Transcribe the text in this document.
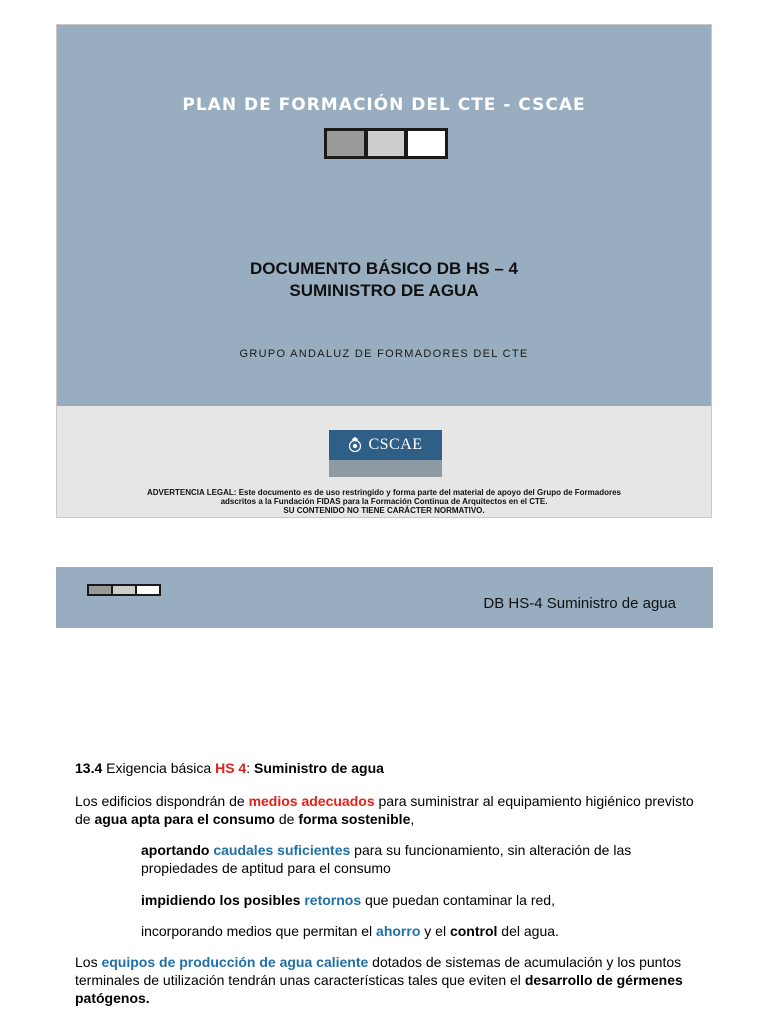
PLAN DE FORMACIÓN DEL CTE - CSCAE
DOCUMENTO BÁSICO DB HS – 4
SUMINISTRO DE AGUA
GRUPO ANDALUZ DE FORMADORES DEL CTE
CSCAE
ADVERTENCIA LEGAL: Este documento es de uso restringido y forma parte del material de apoyo del Grupo de Formadores
adscritos a la Fundación FIDAS para la Formación Continua de Arquitectos en el CTE.
SU CONTENIDO NO TIENE CARÁCTER NORMATIVO.
DB HS-4 Suministro de agua

13.4 Exigencia básica HS 4: Suministro de agua

Los edificios dispondrán de medios adecuados para suministrar al equipamiento higiénico previsto de agua apta para el consumo de forma sostenible,

aportando caudales suficientes para su funcionamiento, sin alteración de las propiedades de aptitud para el consumo

impidiendo los posibles retornos que puedan contaminar la red,

incorporando medios que permitan el ahorro y el control del agua.

Los equipos de producción de agua caliente dotados de sistemas de acumulación y los puntos terminales de utilización tendrán unas características tales que eviten el desarrollo de gérmenes patógenos.
